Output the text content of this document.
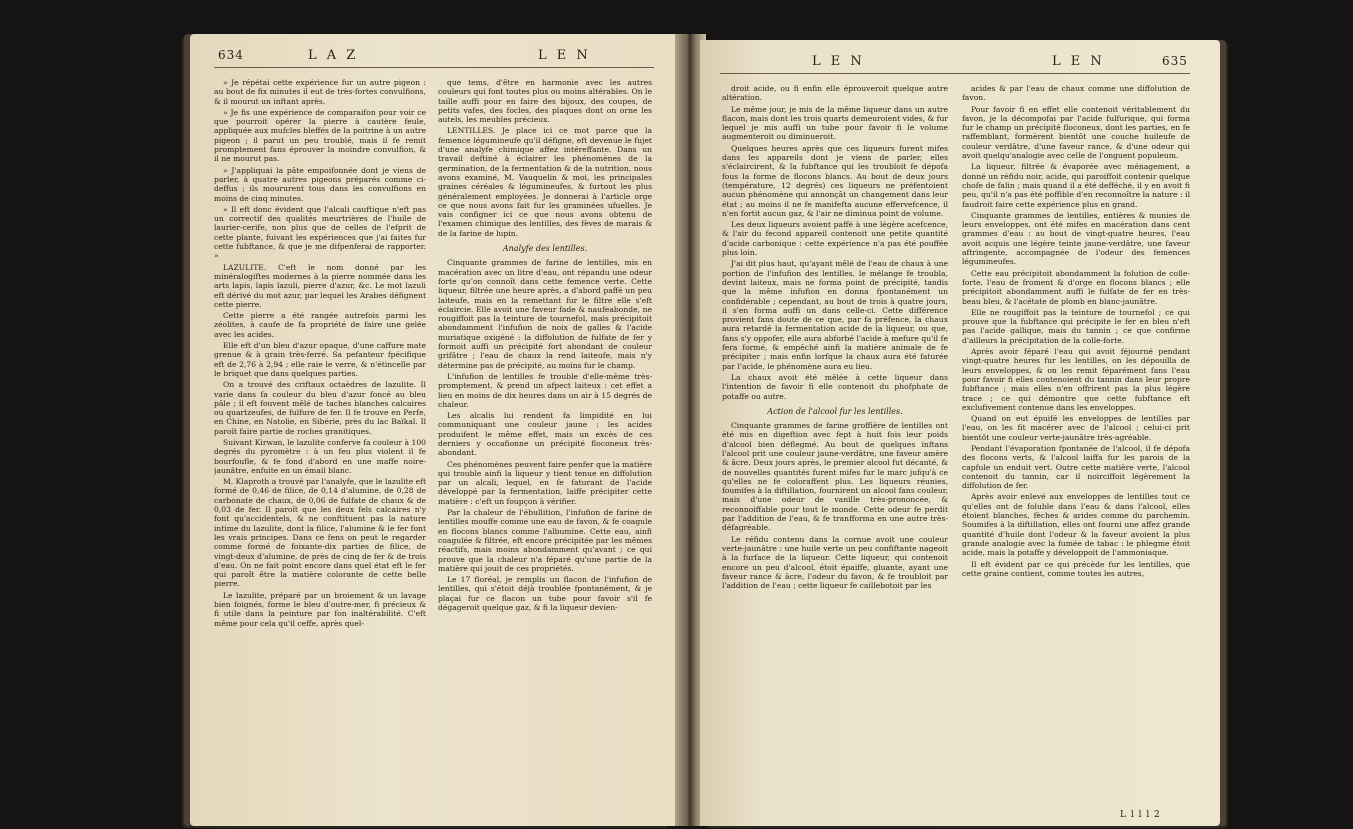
634	L A Z	L E N

» Je répétai cette expérience fur un autre pigeon : au bout de fix minutes il eut de très-fortes convulfions, & il mourut un inftant après.

» Je fis une expérience de comparaifon pour voir ce que pourroit opérer la pierre à cautère feule, appliquée aux mufcles bleffés de la poitrine à un autre pigeon ; il parut un peu troublé, mais il fe remit promptement fans éprouver la moindre convulfion, & il ne mourut pas.

» J'appliquai la pâte empoifonnée dont je viens de parler, à quatre autres pigeons préparés comme ci-deffus ; ils moururent tous dans les convulfions en moins de cinq minutes.

» Il eft donc évident que l'alcali cauftique n'eft pas un correctif des qualités meurtrières de l'huile de laurier-cerife, non plus que de celles de l'efprit de cette plante, fuivant les expériences que j'ai faites fur cette fubftance, & que je me difpenferai de rapporter. »

LAZULITE. C'eft le nom donné par les minéralogiftes modernes à la pierre nommée dans les arts lapis, lapis lazuli, pierre d'azur, &c. Le mot lazuli eft dérivé du mot azur, par lequel les Arabes défignent cette pierre.

Cette pierre a été rangée autrefois parmi les zéolites, à caufe de fa propriété de faire une gelée avec les acides.

Elle eft d'un bleu d'azur opaque, d'une caffure mate grenue & à grain très-ferré. Sa pefanteur fpécifique eft de 2,76 à 2,94 ; elle raie le verre, & n'étincelle par le briquet que dans quelques parties.

On a trouvé des criftaux octaèdres de lazulite. Il varie dans fa couleur du bleu d'azur foncé au bleu pâle ; il eft fouvent mêlé de taches blanches calcaires ou quartzeufes, de fulfure de fer. Il fe trouve en Perfe, en Chine, en Natolie, en Sibérie, près du lac Baïkal. Il paroît faire partie de roches granitiques.

Suivant Kirwan, le lazulite conferve fa couleur à 100 degrés du pyromètre : à un feu plus violent il fe bourfoufle, & fe fond d'abord en une maffe noire-jaunâtre, enfuite en un émail blanc.

M. Klaproth a trouvé par l'analyfe, que le lazulite eft formé de 0,46 de filice, de 0,14 d'alumine, de 0,28 de carbonate de chaux, de 0,06 de fulfate de chaux & de 0,03 de fer. Il paroît que les deux fels calcaires n'y font qu'accidentels, & ne conftituent pas la nature intime du lazulite, dont la filice, l'alumine & le fer font les vrais principes. Dans ce fens on peut le regarder comme formé de foixante-dix parties de filice, de vingt-deux d'alumine, de près de cinq de fer & de trois d'eau. On ne fait point encore dans quel état eft le fer qui paroît être la matière colorante de cette belle pierre.

Le lazulite, préparé par un broiement & un lavage bien foignés, forme le bleu d'outre-mer, fi précieux & fi utile dans la peinture par fon inaltérabilité. C'eft même pour cela qu'il ceffe, après quel-

que tems, d'être en harmonie avec les autres couleurs qui font toutes plus ou moins altérables. On le taille auffi pour en faire des bijoux, des coupes, de petits vafes, des focles, des plaques dont on orne les autels, les meubles précieux.

LENTILLES. Je place ici ce mot parce que la femence légumineufe qu'il défigne, eft devenue le fujet d'une analyfe chimique affez intéreffante. Dans un travail deftiné à éclairer les phénomènes de la germination, de la fermentation & de la nutrition, nous avons examiné, M. Vauquelin & moi, les principales graines céréales & légumineufes, & furtout les plus généralement employées. Je donnerai à l'article orge ce que nous avons fait fur les graminées ufuelles. Je vais configner ici ce que nous avons obtenu de l'examen chimique des lentilles, des fèves de marais & de la farine de lupin.

Analyfe des lentilles.

Cinquante grammes de farine de lentilles, mis en macération avec un litre d'eau, ont répandu une odeur forte qu'on connoît dans cette femence verte. Cette liqueur, filtrée une heure après, a d'abord paffé un peu laiteufe, mais en la remettant fur le filtre elle s'eft éclaircie. Elle avoit une faveur fade & naufeabonde, ne rougiffoit pas la teinture de tournefol, mais précipitoit abondamment l'infufion de noix de galles & l'acide muriatique oxigéné : la diffolution de fulfate de fer y formoit auffi un précipité fort abondant de couleur grifâtre ; l'eau de chaux la rend laiteufe, mais n'y détermine pas de précipité, au moins fur le champ.

L'infufion de lentilles fe trouble d'elle-même très-promptement, & prend un afpect laiteux : cet effet a lieu en moins de dix heures dans un air à 15 degrés de chaleur.

Les alcalis lui rendent fa limpidité en lui communiquant une couleur jaune : les acides produifent le même effet, mais un excès de ces derniers y occafionne un précipité floconeux très-abondant.

Ces phénomènes peuvent faire penfer que la matière qui trouble ainfi la liqueur y tient tenue en diffolution par un alcali, lequel, en fe faturant de l'acide développé par la fermentation, laiffe précipiter cette matière : c'eft un foupçon à vérifier.

Par la chaleur de l'ébullition, l'infufion de farine de lentilles mouffe comme une eau de favon, & fe coagule en flocons blancs comme l'albumine. Cette eau, ainfi coagulée & filtrée, eft encore précipitée par les mêmes réactifs, mais moins abondamment qu'avant ; ce qui prouve que la chaleur n'a féparé qu'une partie de la matière qui jouit de ces propriétés.

Le 17 floréal, je remplis un flacon de l'infufion de lentilles, qui s'étoit déjà troublée fpontanément, & je plaçai fur ce flacon un tube pour favoir s'il fe dégageroit quelque gaz, & fi la liqueur devien-

L E N	L E N	635

droit acide, ou fi enfin elle éprouveroit quelque autre altération.

Le même jour, je mis de la même liqueur dans un autre flacon, mais dont les trois quarts demeuroient vides, & fur lequel je mis auffi un tube pour favoir fi le volume augmenteroit ou diminueroit.

Quelques heures après que ces liqueurs furent mifes dans les appareils dont je viens de parler, elles s'éclaircirent, & la fubftance qui les troubloit fe dépofa fous la forme de flocons blancs. Au bout de deux jours (température, 12 degrés) ces liqueurs ne préfentoient aucun phénomène qui annonçât un changement dans leur état ; au moins il ne fe manifefta aucune effervefcence, il n'en fortit aucun gaz, & l'air ne diminua point de volume.

Les deux liqueurs avoient paffé à une légère acefcence, & l'air du fecond appareil contenoit une petite quantité d'acide carbonique : cette expérience n'a pas été pouffée plus loin.

J'ai dit plus haut, qu'ayant mêlé de l'eau de chaux à une portion de l'infufion des lentilles, le mélange fe troubla, devint laiteux, mais ne forma point de précipité, tandis que la même infufion en donna fpontanément un confidérable ; cependant, au bout de trois à quatre jours, il s'en forma auffi un dans celle-ci. Cette différence provient fans doute de ce que, par fa préfence, la chaux aura retardé la fermentation acide de la liqueur, ou que, fans s'y oppofer, elle aura abforbé l'acide à mefure qu'il fe fera formé, & empêché ainfi la matière animale de fe précipiter ; mais enfin lorfque la chaux aura été faturée par l'acide, le phénomène aura eu lieu.

La chaux avoit été mêlée à cette liqueur dans l'intention de favoir fi elle contenoit du phofphate de potaffe ou autre.

Action de l'alcool fur les lentilles.

Cinquante grammes de farine groffière de lentilles ont été mis en digeftion avec fept à huit fois leur poids d'alcool bien déflegmé. Au bout de quelques inftans l'alcool prit une couleur jaune-verdâtre, une faveur amère & âcre. Deux jours après, le premier alcool fut décanté, & de nouvelles quantités furent mifes fur le marc jufqu'à ce qu'elles ne fe coloraffent plus. Les liqueurs réunies, foumifes à la diftillation, fournirent un alcool fans couleur, mais d'une odeur de vanille très-prononcée, & reconnoiffable pour tout le monde. Cette odeur fe perdit par l'addition de l'eau, & fe tranfforma en une autre très-défagréable.

Le réfidu contenu dans la cornue avoit une couleur verte-jaunâtre : une huile verte un peu confiftante nageoit à la furface de la liqueur. Cette liqueur, qui contenoit encore un peu d'alcool, étoit épaiffe, gluante, ayant une faveur rance & âcre, l'odeur du favon, & fe troubloit par l'addition de l'eau ; cette liqueur fe caillebotoit par les

acides & par l'eau de chaux comme une diffolution de favon.

Pour favoir fi en effet elle contenoit véritablement du favon, je la décompofai par l'acide fulfurique, qui forma fur le champ un précipité floconeux, dont les parties, en fe raffemblant, formèrent bientôt une couche huileufe de couleur verdâtre, d'une faveur rance, & d'une odeur qui avoit quelqu'analogie avec celle de l'onguent populeum.

La liqueur, filtrée & évaporée avec ménagement, a donné un réfidu noir, acide, qui paroiffoit contenir quelque chofe de falin ; mais quand il a été defféché, il y en avoit fi peu, qu'il n'a pas été poffible d'en reconnoître la nature : il faudroit faire cette expérience plus en grand.

Cinquante grammes de lentilles, entières & munies de leurs enveloppes, ont été mifes en macération dans cent grammes d'eau : au bout de vingt-quatre heures, l'eau avoit acquis une légère teinte jaune-verdâtre, une faveur aftringente, accompagnée de l'odeur des femences légumineufes.

Cette eau précipitoit abondamment la folution de colle-forte, l'eau de froment & d'orge en flocons blancs ; elle précipitoit abondamment auffi le fulfate de fer en très-beau bleu, & l'acétate de plomb en blanc-jaunâtre.

Elle ne rougiffoit pas la teinture de tournefol ; ce qui prouve que la fubftance qui précipite le fer en bleu n'eft pas l'acide gallique, mais du tannin ; ce que confirme d'ailleurs la précipitation de la colle-forte.

Après avoir féparé l'eau qui avoit féjourné pendant vingt-quatre heures fur les lentilles, on les dépouilla de leurs enveloppes, & on les remit féparément fans l'eau pour favoir fi elles contenoient du tannin dans leur propre fubftance ; mais elles n'en offrirent pas la plus légère trace ; ce qui démontre que cette fubftance eft exclufivement contenue dans les enveloppes.

Quand on eut épuifé les enveloppes de lentilles par l'eau, on les fit macérer avec de l'alcool ; celui-ci prit bientôt une couleur verte-jaunâtre très-agréable.

Pendant l'évaporation fpontanée de l'alcool, il fe dépofa des flocons verts, & l'alcool laiffa fur les parois de la capfule un enduit vert. Outre cette matière verte, l'alcool contenoit du tannin, car il noirciffoit légèrement la diffolution de fer.

Après avoir enlevé aux enveloppes de lentilles tout ce qu'elles ont de foluble dans l'eau & dans l'alcool, elles étoient blanches, fèches & arides comme du parchemin. Soumifes à la diftillation, elles ont fourni une affez grande quantité d'huile dont l'odeur & la faveur avoient la plus grande analogie avec la fumée de tabac : le phlegme étoit acide, mais la potaffe y développoit de l'ammoniaque.

Il eft évident par ce qui précède fur les lentilles, que cette graine contient, comme toutes les autres,

L l l l 2
